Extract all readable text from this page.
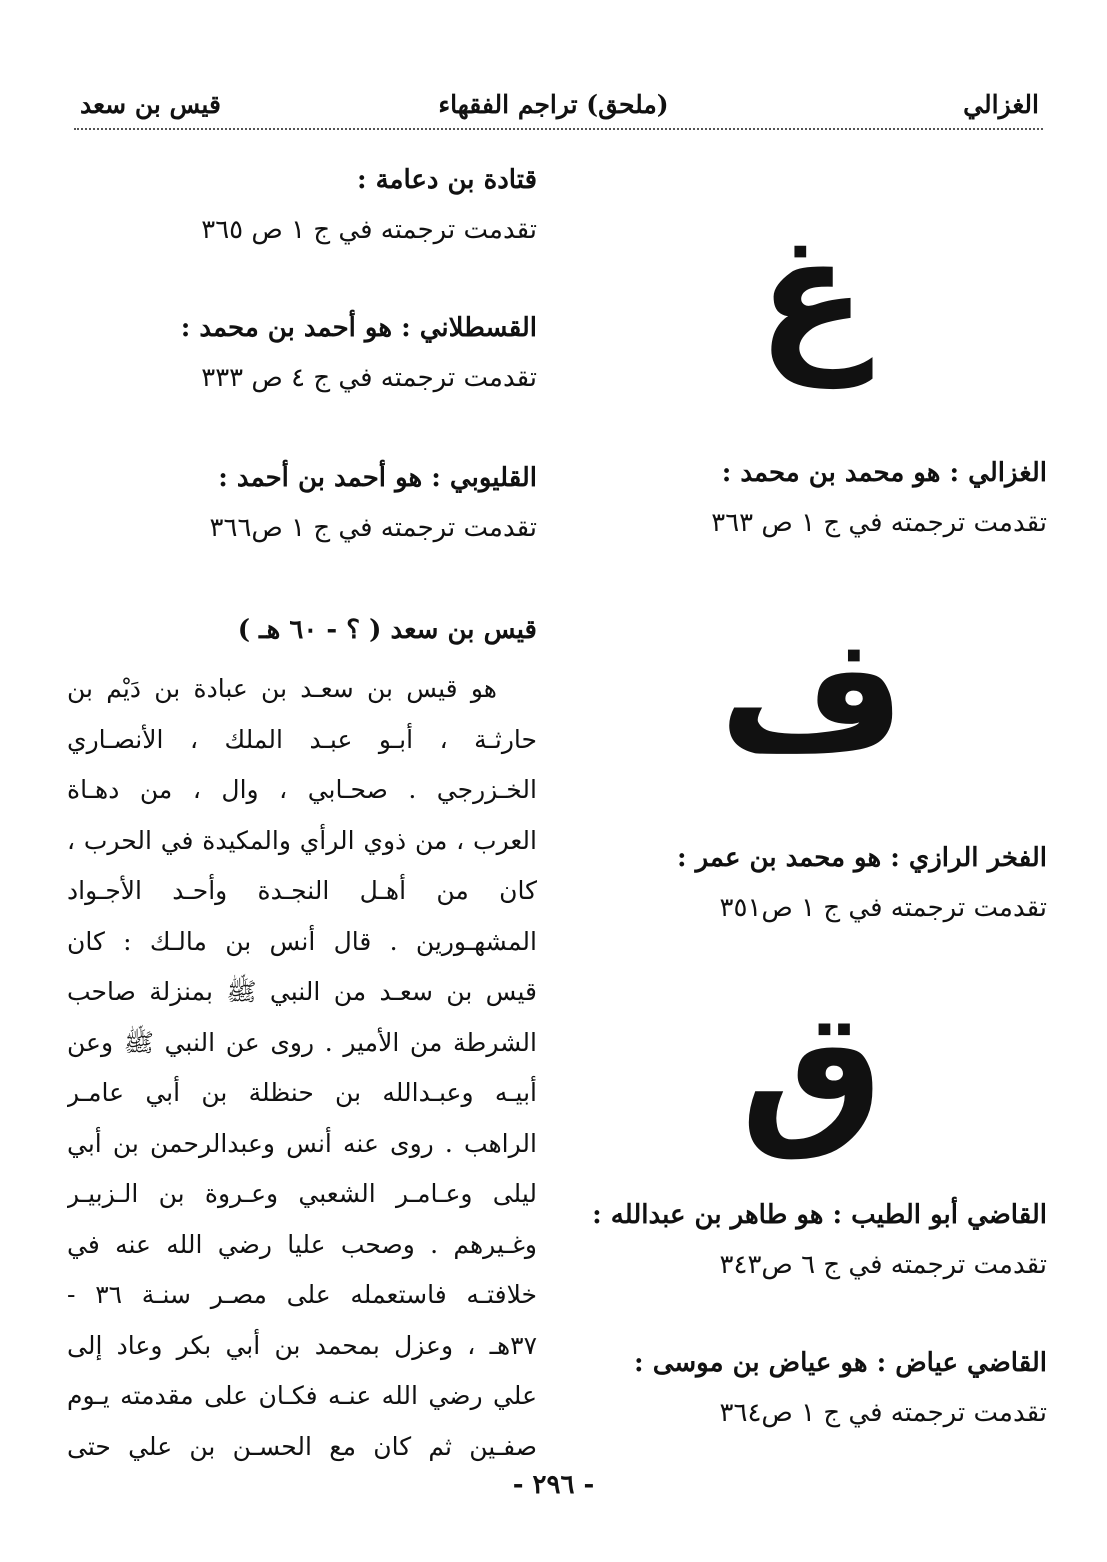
الغزالي
(ملحق) تراجم الفقهاء
قيس بن سعد
غ
الغزالي : هو محمد بن محمد :
تقدمت ترجمته في ج ١ ص ٣٦٣
ف
الفخر الرازي : هو محمد بن عمر :
تقدمت ترجمته في ج ١ ص٣٥١
ق
القاضي أبو الطيب : هو طاهر بن عبدالله :
تقدمت ترجمته في ج ٦ ص٣٤٣
القاضي عياض : هو عياض بن موسى :
تقدمت ترجمته في ج ١ ص٣٦٤
قتادة بن دعامة :
تقدمت ترجمته في ج ١ ص ٣٦٥
القسطلاني : هو أحمد بن محمد :
تقدمت ترجمته في ج ٤ ص ٣٣٣
القليوبي : هو أحمد بن أحمد :
تقدمت ترجمته في ج ١ ص٣٦٦
قيس بن سعد ( ؟ - ٦٠ هـ )
هو قيس بن سعـد بن عبادة بن دَيْم بن
حارثـة ، أبـو عبـد الملك ، الأنصـاري
الخـزرجي . صحـابي ، وال ، من دهـاة
العرب ، من ذوي الرأي والمكيدة في الحرب ،
كان من أهـل النجـدة وأحـد الأجـواد
المشهـورين . قال أنس بن مالـك : كان
قيس بن سعـد من النبي ﷺ بمنزلة صاحب
الشرطة من الأمير . روى عن النبي ﷺ وعن
أبيـه وعبـدالله بن حنظلة بن أبي عامـر
الراهب . روى عنه أنس وعبدالرحمن بن أبي
ليلى وعـامـر الشعبي وعـروة بن الـزبيـر
وغـيرهم . وصحب عليا رضي الله عنه في
خلافتـه فاستعمله على مصـر سنـة ٣٦ -
٣٧هـ ، وعزل بمحمد بن أبي بكر وعاد إلى
علي رضي الله عنـه فكـان على مقدمته يـوم
صفـين ثم كان مع الحسـن بن علي حتى
- ٢٩٦ -
